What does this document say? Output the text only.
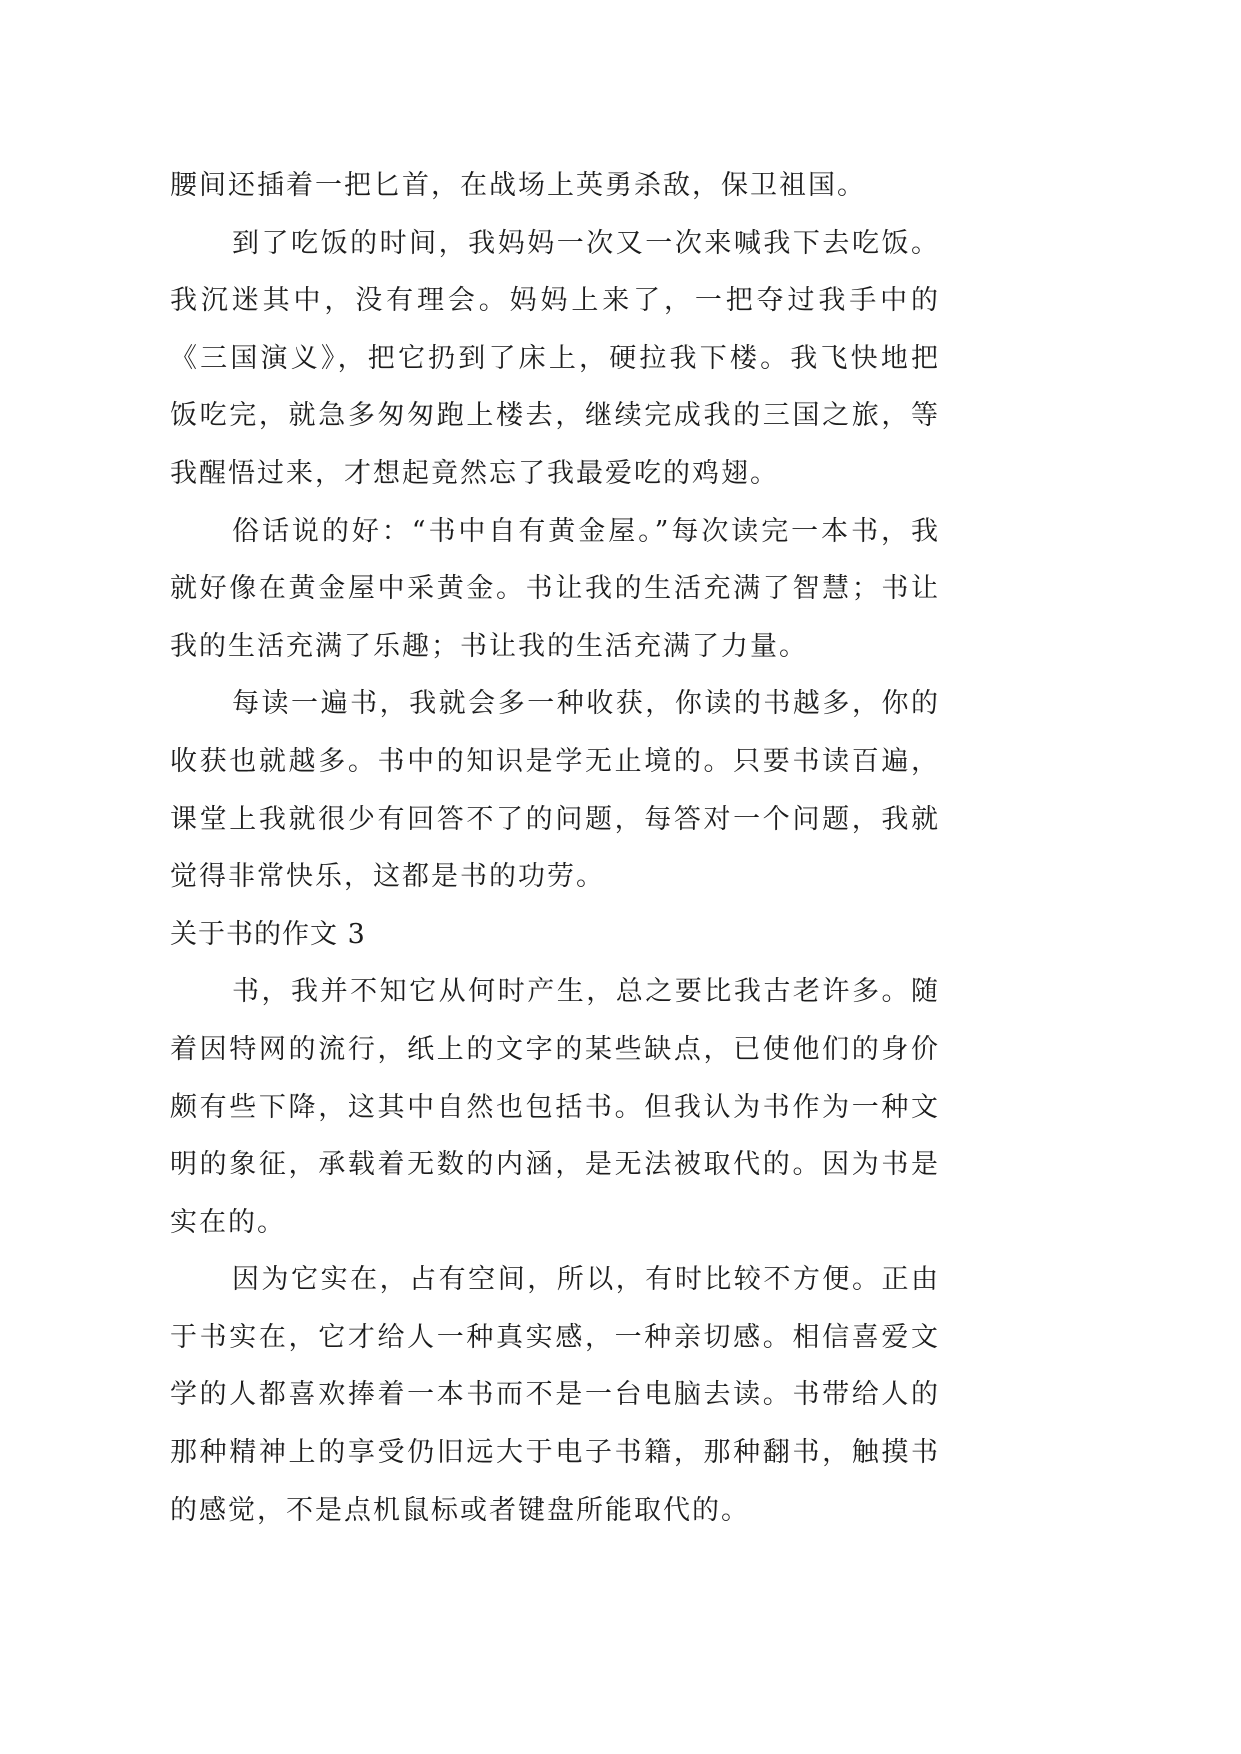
腰间还插着一把匕首，在战场上英勇杀敌，保卫祖国。
到了吃饭的时间，我妈妈一次又一次来喊我下去吃饭。
我沉迷其中，没有理会。妈妈上来了，一把夺过我手中的
《三国演义》，把它扔到了床上，硬拉我下楼。我飞快地把
饭吃完，就急多匆匆跑上楼去，继续完成我的三国之旅，等
我醒悟过来，才想起竟然忘了我最爱吃的鸡翅。
俗话说的好：“书中自有黄金屋。”每次读完一本书，我
就好像在黄金屋中采黄金。书让我的生活充满了智慧；书让
我的生活充满了乐趣；书让我的生活充满了力量。
每读一遍书，我就会多一种收获，你读的书越多，你的
收获也就越多。书中的知识是学无止境的。只要书读百遍，
课堂上我就很少有回答不了的问题，每答对一个问题，我就
觉得非常快乐，这都是书的功劳。
关于书的作文 3
书，我并不知它从何时产生，总之要比我古老许多。随
着因特网的流行，纸上的文字的某些缺点，已使他们的身价
颇有些下降，这其中自然也包括书。但我认为书作为一种文
明的象征，承载着无数的内涵，是无法被取代的。因为书是
实在的。
因为它实在，占有空间，所以，有时比较不方便。正由
于书实在，它才给人一种真实感，一种亲切感。相信喜爱文
学的人都喜欢捧着一本书而不是一台电脑去读。书带给人的
那种精神上的享受仍旧远大于电子书籍，那种翻书，触摸书
的感觉，不是点机鼠标或者键盘所能取代的。
